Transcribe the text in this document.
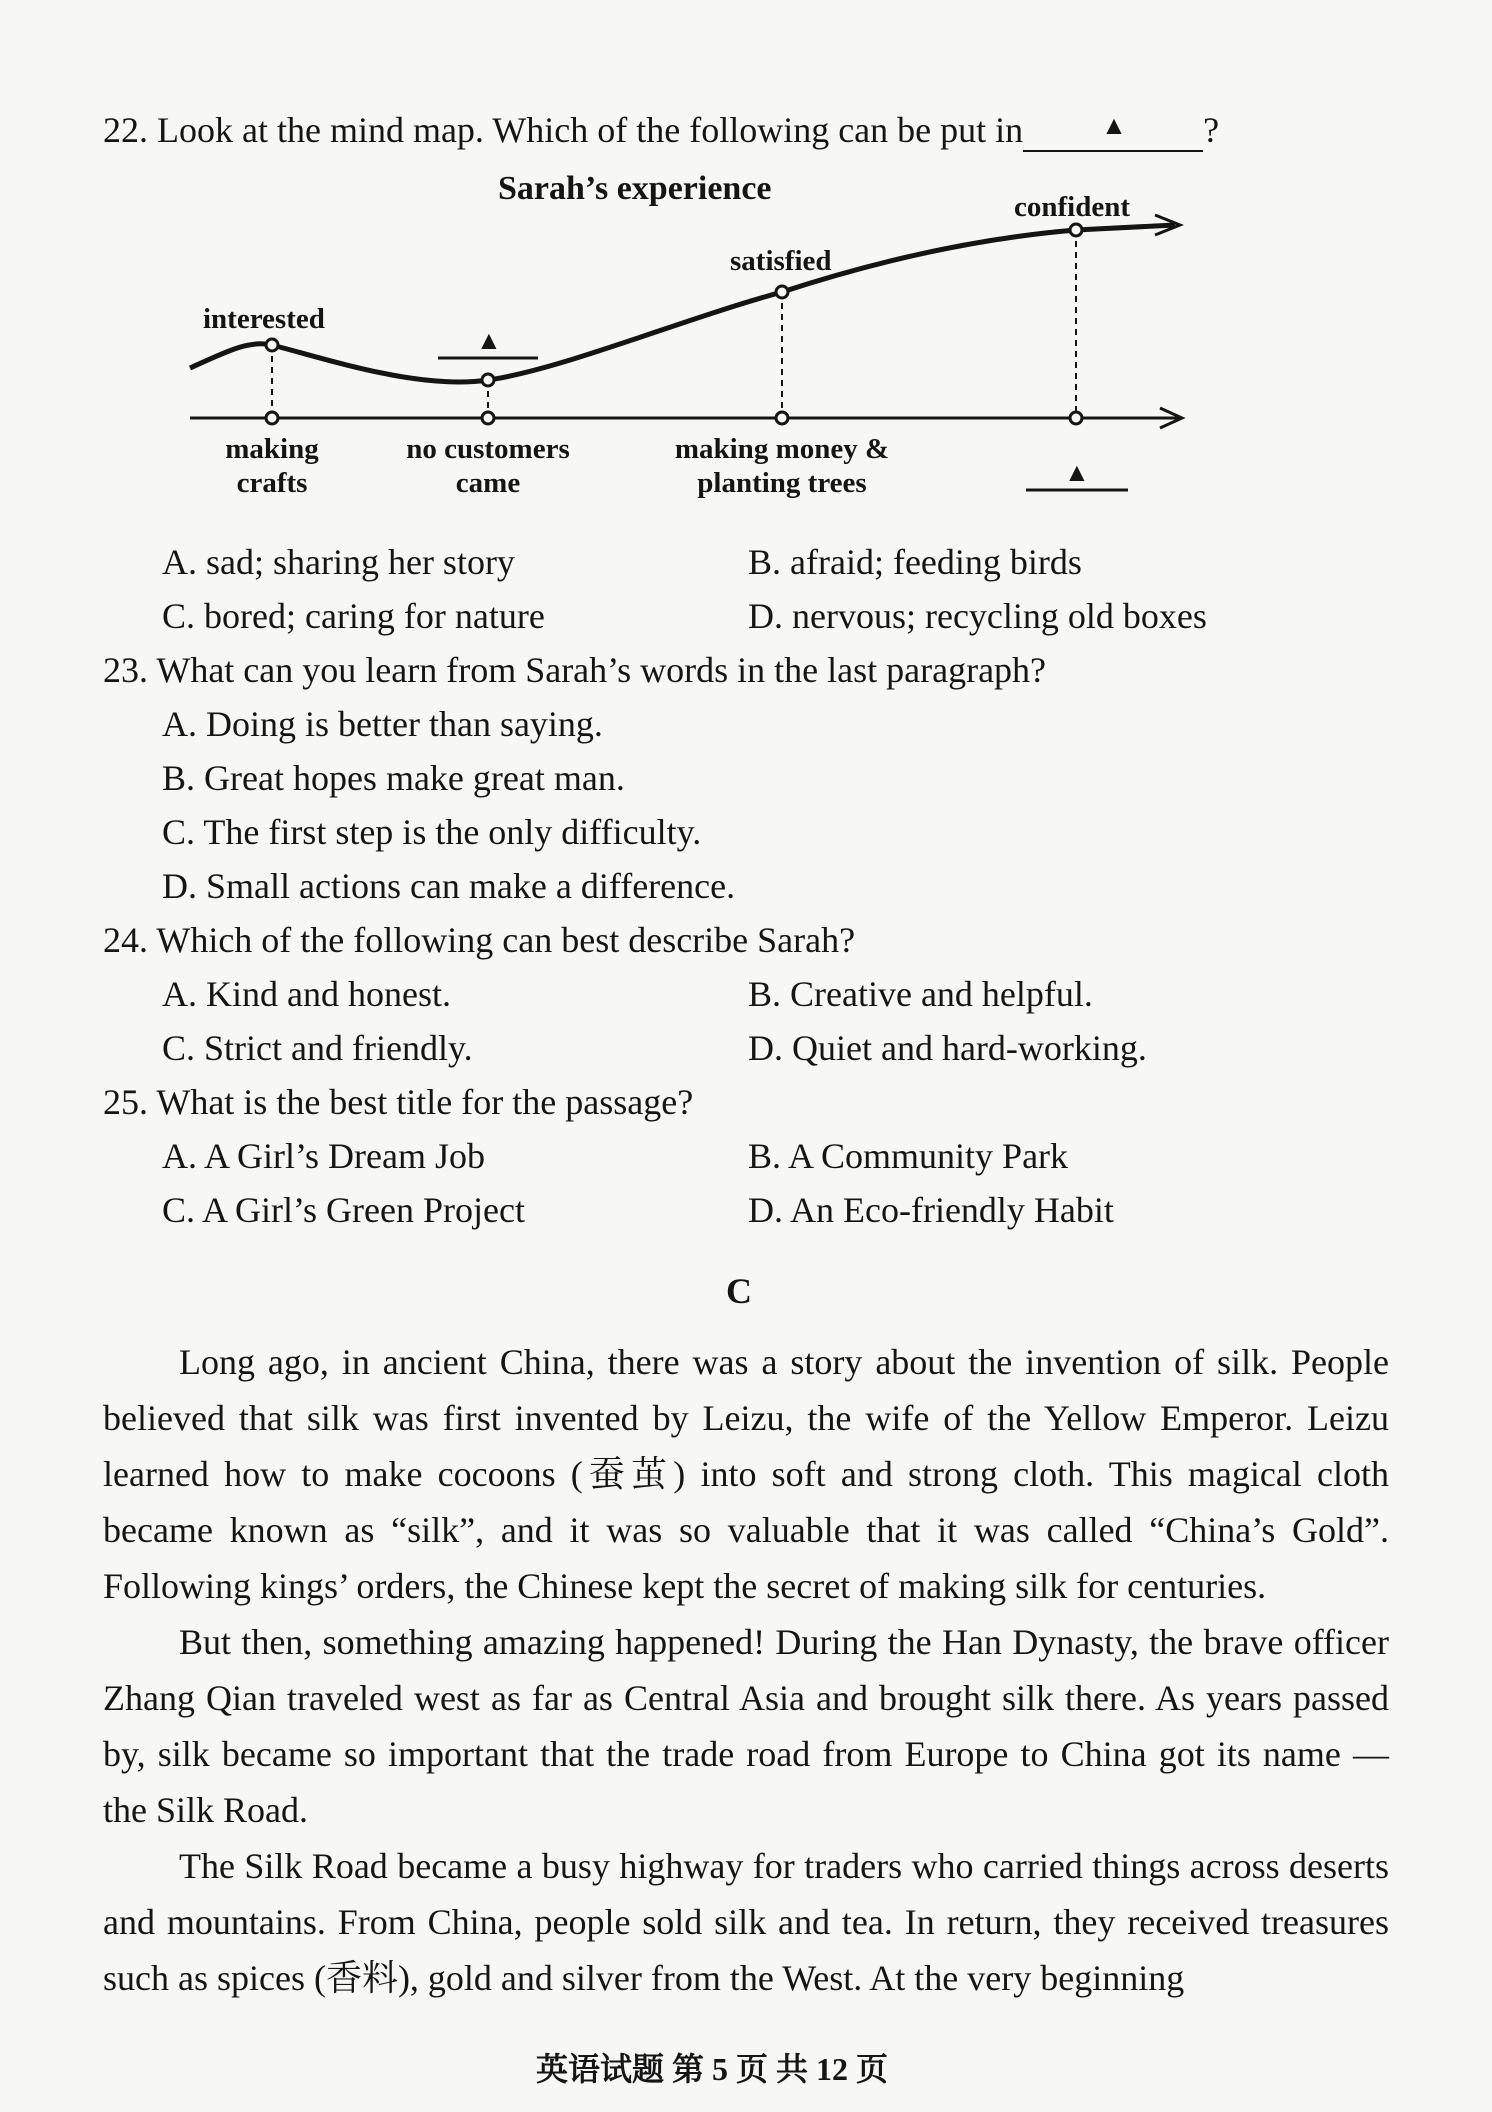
22. Look at the mind map. Which of the following can be put in	▲ ?
Sarah’s experience
interested
▲
satisfied
confident
making
crafts
no customers
came
making money &
planting trees	▲
A. sad; sharing her story	B. afraid; feeding birds
C. bored; caring for nature	D. nervous; recycling old boxes
23. What can you learn from Sarah’s words in the last paragraph?
A. Doing is better than saying.
B. Great hopes make great man.
C. The first step is the only difficulty.
D. Small actions can make a difference.
24. Which of the following can best describe Sarah?
A. Kind and honest.	B. Creative and helpful.
C. Strict and friendly.	D. Quiet and hard-working.
25. What is the best title for the passage?
A. A Girl’s Dream Job	B. A Community Park
C. A Girl’s Green Project	D. An Eco-friendly Habit
C

Long ago, in ancient China, there was a story about the invention of silk. People believed that silk was first invented by Leizu, the wife of the Yellow Emperor. Leizu learned how to make cocoons (蚕茧) into soft and strong cloth. This magical cloth became known as “silk”, and it was so valuable that it was called “China’s Gold”. Following kings’ orders, the Chinese kept the secret of making silk for centuries.

But then, something amazing happened! During the Han Dynasty, the brave officer Zhang Qian traveled west as far as Central Asia and brought silk there. As years passed by, silk became so important that the trade road from Europe to China got its name — the Silk Road.

The Silk Road became a busy highway for traders who carried things across deserts and mountains. From China, people sold silk and tea. In return, they received treasures such as spices (香料), gold and silver from the West. At the very beginning

英语试题 第 5 页 共 12 页
